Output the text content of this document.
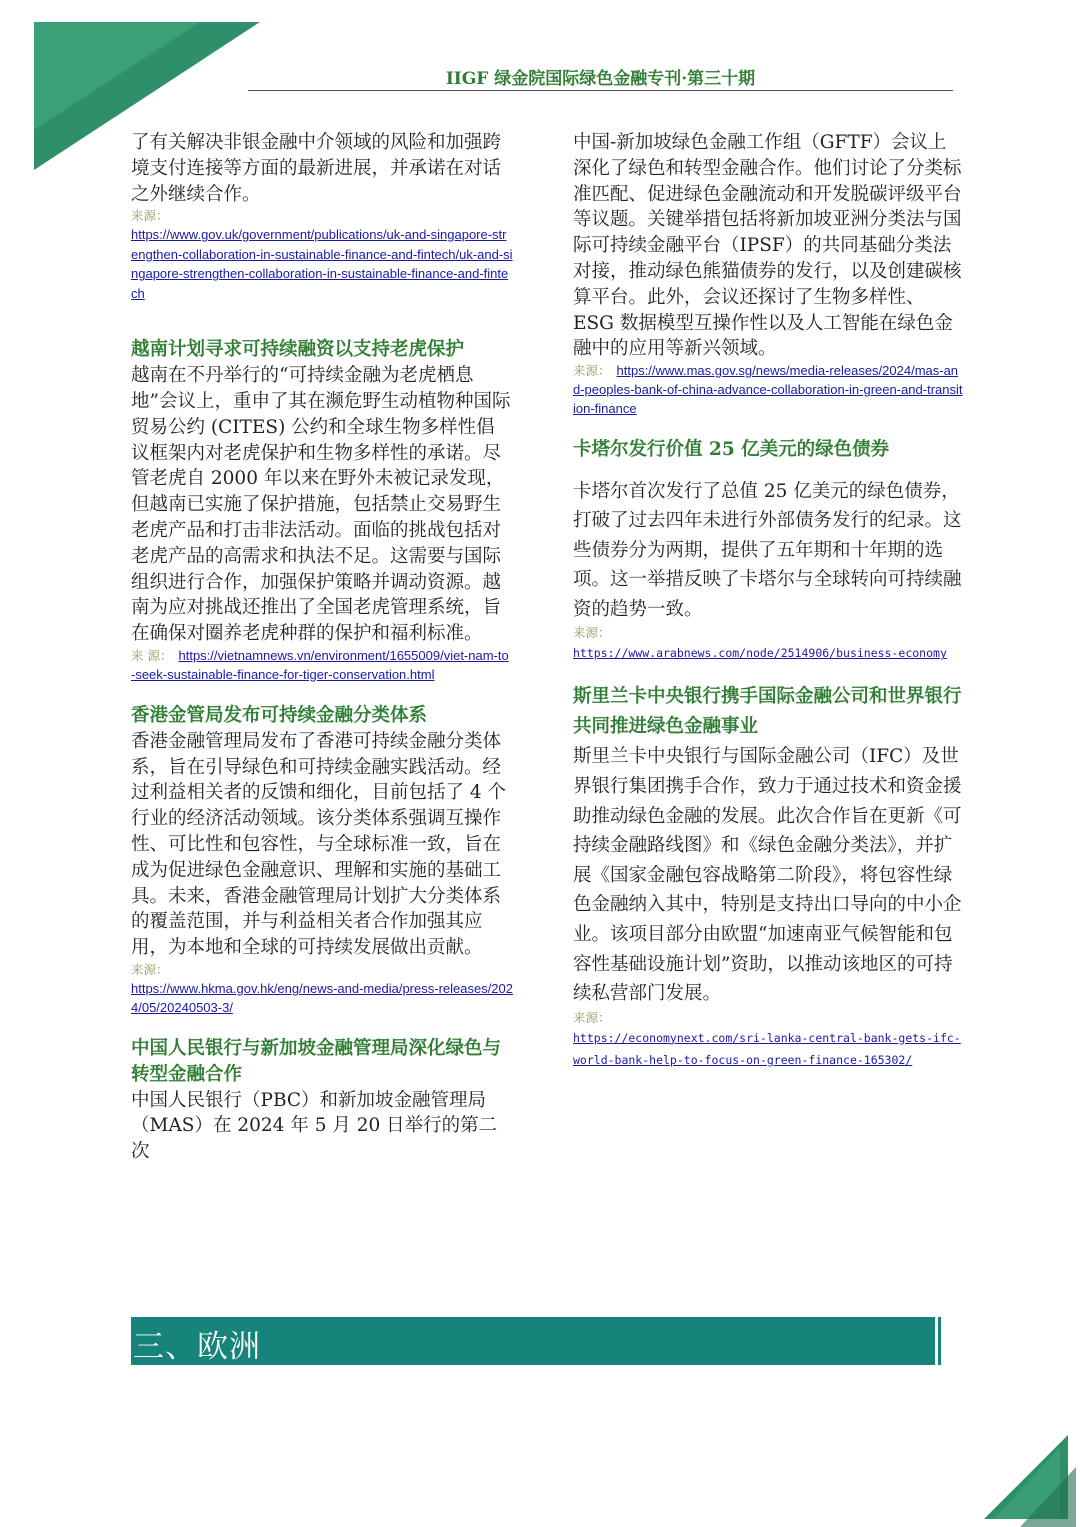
IIGF 绿金院国际绿色金融专刊·第三十期

了有关解决非银金融中介领域的风险和加强跨境支付连接等方面的最新进展，并承诺在对话之外继续合作。

来源：
https://www.gov.uk/government/publications/uk-and-singapore-strengthen-collaboration-in-sustainable-finance-and-fintech/uk-and-singapore-strengthen-collaboration-in-sustainable-finance-and-fintech
越南计划寻求可持续融资以支持老虎保护

越南在不丹举行的“可持续金融为老虎栖息地”会议上，重申了其在濒危野生动植物种国际贸易公约 (CITES) 公约和全球生物多样性倡议框架内对老虎保护和生物多样性的承诺。尽管老虎自 2000 年以来在野外未被记录发现，但越南已实施了保护措施，包括禁止交易野生老虎产品和打击非法活动。面临的挑战包括对老虎产品的高需求和执法不足。这需要与国际组织进行合作，加强保护策略并调动资源。越南为应对挑战还推出了全国老虎管理系统，旨在确保对圈养老虎种群的保护和福利标准。

来 源： https://vietnamnews.vn/environment/1655009/viet-nam-to-seek-sustainable-finance-for-tiger-conservation.html
香港金管局发布可持续金融分类体系

香港金融管理局发布了香港可持续金融分类体系，旨在引导绿色和可持续金融实践活动。经过利益相关者的反馈和细化，目前包括了 4 个行业的经济活动领域。该分类体系强调互操作性、可比性和包容性，与全球标准一致，旨在成为促进绿色金融意识、理解和实施的基础工具。未来，香港金融管理局计划扩大分类体系的覆盖范围，并与利益相关者合作加强其应用，为本地和全球的可持续发展做出贡献。

来源：
https://www.hkma.gov.hk/eng/news-and-media/press-releases/2024/05/20240503-3/
中国人民银行与新加坡金融管理局深化绿色与转型金融合作

中国人民银行（PBC）和新加坡金融管理局（MAS）在 2024 年 5 月 20 日举行的第二次

中国-新加坡绿色金融工作组（GFTF）会议上深化了绿色和转型金融合作。他们讨论了分类标准匹配、促进绿色金融流动和开发脱碳评级平台等议题。关键举措包括将新加坡亚洲分类法与国际可持续金融平台（IPSF）的共同基础分类法对接，推动绿色熊猫债券的发行，以及创建碳核算平台。此外，会议还探讨了生物多样性、ESG 数据模型互操作性以及人工智能在绿色金融中的应用等新兴领域。

来源： https://www.mas.gov.sg/news/media-releases/2024/mas-and-peoples-bank-of-china-advance-collaboration-in-green-and-transition-finance
卡塔尔发行价值 25 亿美元的绿色债券

卡塔尔首次发行了总值 25 亿美元的绿色债券，打破了过去四年未进行外部债务发行的纪录。这些债券分为两期，提供了五年期和十年期的选项。这一举措反映了卡塔尔与全球转向可持续融资的趋势一致。

来源：
https://www.arabnews.com/node/2514906/business-economy
斯里兰卡中央银行携手国际金融公司和世界银行共同推进绿色金融事业

斯里兰卡中央银行与国际金融公司（IFC）及世界银行集团携手合作，致力于通过技术和资金援助推动绿色金融的发展。此次合作旨在更新《可持续金融路线图》和《绿色金融分类法》，并扩展《国家金融包容战略第二阶段》，将包容性绿色金融纳入其中，特别是支持出口导向的中小企业。该项目部分由欧盟“加速南亚气候智能和包容性基础设施计划”资助，以推动该地区的可持续私营部门发展。

来源：
https://economynext.com/sri-lanka-central-bank-gets-ifc-world-bank-help-to-focus-on-green-finance-165302/
三、欧洲
